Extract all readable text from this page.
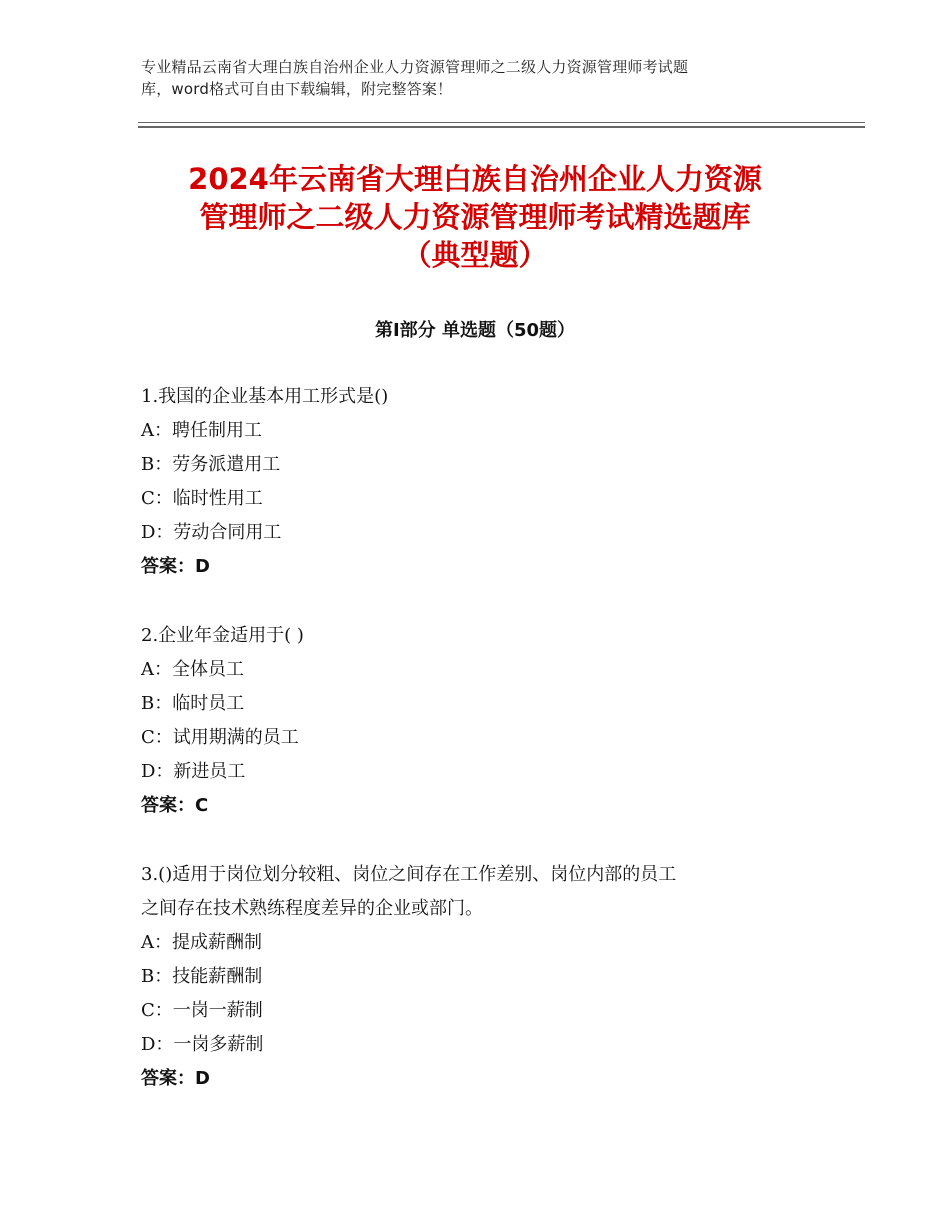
专业精品云南省大理白族自治州企业人力资源管理师之二级人力资源管理师考试题
库，word格式可自由下载编辑，附完整答案！
2024年云南省大理白族自治州企业人力资源
管理师之二级人力资源管理师考试精选题库
（典型题）
第Ⅰ部分 单选题（50题）
1.我国的企业基本用工形式是()
A：聘任制用工
B：劳务派遣用工
C：临时性用工
D：劳动合同用工
答案：D
2.企业年金适用于( )
A：全体员工
B：临时员工
C：试用期满的员工
D：新进员工
答案：C
3.()适用于岗位划分较粗、岗位之间存在工作差别、岗位内部的员工
之间存在技术熟练程度差异的企业或部门。
A：提成薪酬制
B：技能薪酬制
C：一岗一薪制
D：一岗多薪制
答案：D
